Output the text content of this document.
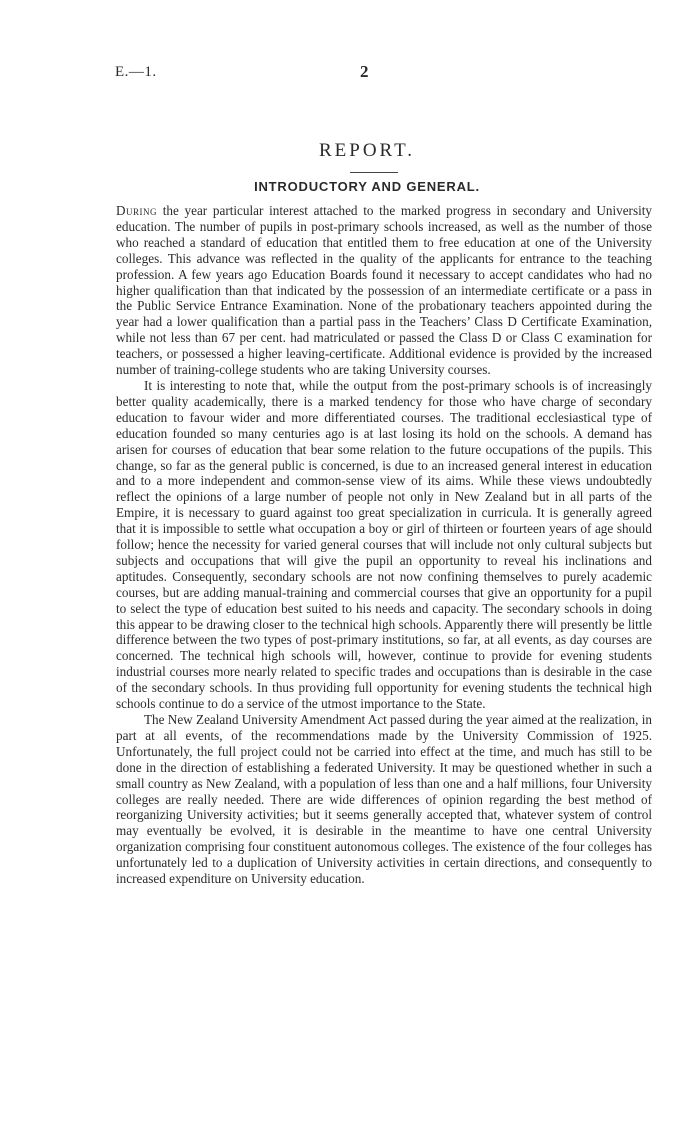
E.—1.	2
REPORT.
INTRODUCTORY AND GENERAL.

During the year particular interest attached to the marked progress in secondary and University education. The number of pupils in post-primary schools increased, as well as the number of those who reached a standard of education that entitled them to free education at one of the University colleges. This advance was reflected in the quality of the applicants for entrance to the teaching profession. A few years ago Education Boards found it necessary to accept candidates who had no higher qualification than that indicated by the possession of an intermediate certificate or a pass in the Public Service Entrance Examination. None of the probationary teachers appointed during the year had a lower qualification than a partial pass in the Teachers’ Class D Certificate Examination, while not less than 67 per cent. had matriculated or passed the Class D or Class C examination for teachers, or possessed a higher leaving-certificate. Additional evidence is provided by the increased number of training-college students who are taking University courses.

It is interesting to note that, while the output from the post-primary schools is of increasingly better quality academically, there is a marked tendency for those who have charge of secondary education to favour wider and more differentiated courses. The traditional ecclesiastical type of education founded so many centuries ago is at last losing its hold on the schools. A demand has arisen for courses of education that bear some relation to the future occupations of the pupils. This change, so far as the general public is concerned, is due to an increased general interest in education and to a more independent and common-sense view of its aims. While these views undoubtedly reflect the opinions of a large number of people not only in New Zealand but in all parts of the Empire, it is necessary to guard against too great specialization in curricula. It is generally agreed that it is impossible to settle what occupation a boy or girl of thirteen or fourteen years of age should follow; hence the necessity for varied general courses that will include not only cultural subjects but subjects and occupations that will give the pupil an opportunity to reveal his inclinations and aptitudes. Consequently, secondary schools are not now confining themselves to purely academic courses, but are adding manual-training and commercial courses that give an opportunity for a pupil to select the type of education best suited to his needs and capacity. The secondary schools in doing this appear to be drawing closer to the technical high schools. Apparently there will presently be little difference between the two types of post-primary institutions, so far, at all events, as day courses are concerned. The technical high schools will, however, continue to provide for evening students industrial courses more nearly related to specific trades and occupations than is desirable in the case of the secondary schools. In thus providing full opportunity for evening students the technical high schools continue to do a service of the utmost importance to the State.

The New Zealand University Amendment Act passed during the year aimed at the realization, in part at all events, of the recommendations made by the University Commission of 1925. Unfortunately, the full project could not be carried into effect at the time, and much has still to be done in the direction of establishing a federated University. It may be questioned whether in such a small country as New Zealand, with a population of less than one and a half millions, four University colleges are really needed. There are wide differences of opinion regarding the best method of reorganizing University activities; but it seems generally accepted that, whatever system of control may eventually be evolved, it is desirable in the meantime to have one central University organization comprising four constituent autonomous colleges. The existence of the four colleges has unfortunately led to a duplication of University activities in certain directions, and consequently to increased expenditure on University education.
